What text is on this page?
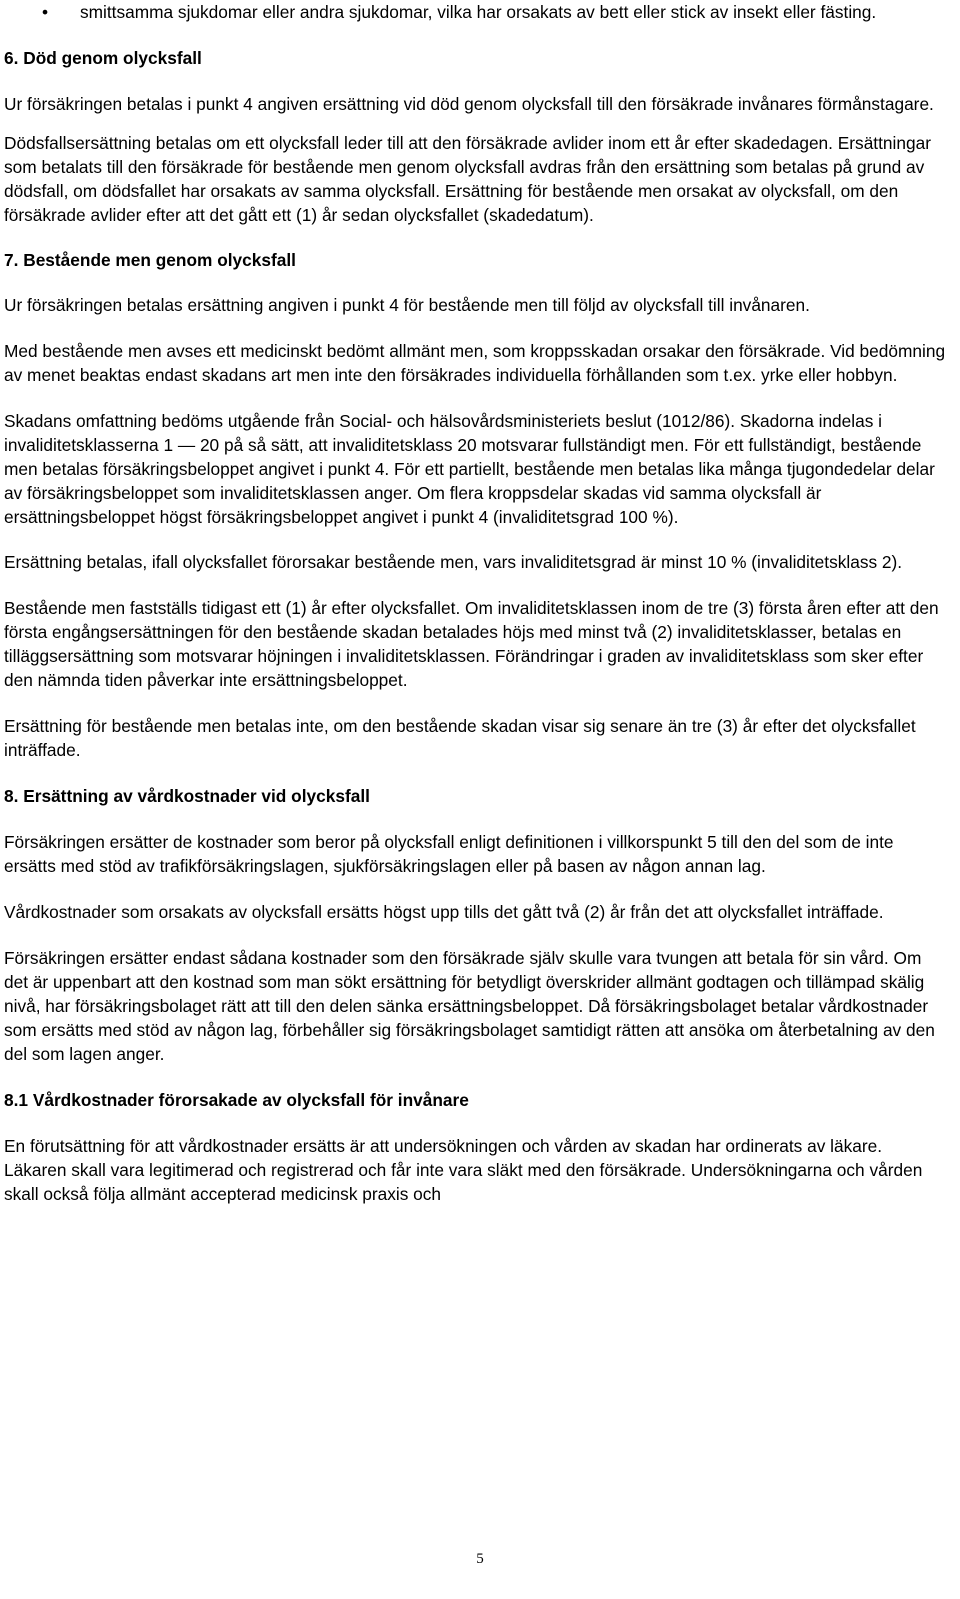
• smittsamma sjukdomar eller andra sjukdomar, vilka har orsakats av bett eller stick av insekt eller fästing.

6. Död genom olycksfall

Ur försäkringen betalas i punkt 4 angiven ersättning vid död genom olycksfall till den försäkrade invånares förmånstagare.

Dödsfallsersättning betalas om ett olycksfall leder till att den försäkrade avlider inom ett år efter skadedagen. Ersättningar som betalats till den försäkrade för bestående men genom olycksfall avdras från den ersättning som betalas på grund av dödsfall, om dödsfallet har orsakats av samma olycksfall. Ersättning för bestående men orsakat av olycksfall, om den försäkrade avlider efter att det gått ett (1) år sedan olycksfallet (skadedatum).

7. Bestående men genom olycksfall

Ur försäkringen betalas ersättning angiven i punkt 4 för bestående men till följd av olycksfall till invånaren.

Med bestående men avses ett medicinskt bedömt allmänt men, som kroppsskadan orsakar den försäkrade. Vid bedömning av menet beaktas endast skadans art men inte den försäkrades individuella förhållanden som t.ex. yrke eller hobbyn.

Skadans omfattning bedöms utgående från Social- och hälsovårdsministeriets beslut (1012/86). Skadorna indelas i invaliditetsklasserna 1 — 20 på så sätt, att invaliditetsklass 20 motsvarar fullständigt men. För ett fullständigt, bestående men betalas försäkringsbeloppet angivet i punkt 4. För ett partiellt, bestående men betalas lika många tjugondedelar delar av försäkringsbeloppet som invaliditetsklassen anger. Om flera kroppsdelar skadas vid samma olycksfall är ersättningsbeloppet högst försäkringsbeloppet angivet i punkt 4 (invaliditetsgrad 100 %).

Ersättning betalas, ifall olycksfallet förorsakar bestående men, vars invaliditetsgrad är minst 10 % (invaliditetsklass 2).

Bestående men fastställs tidigast ett (1) år efter olycksfallet. Om invaliditetsklassen inom de tre (3) första åren efter att den första engångsersättningen för den bestående skadan betalades höjs med minst två (2) invaliditetsklasser, betalas en tilläggsersättning som motsvarar höjningen i invaliditetsklassen. Förändringar i graden av invaliditetsklass som sker efter den nämnda tiden påverkar inte ersättningsbeloppet.

Ersättning för bestående men betalas inte, om den bestående skadan visar sig senare än tre (3) år efter det olycksfallet inträffade.

8. Ersättning av vårdkostnader vid olycksfall

Försäkringen ersätter de kostnader som beror på olycksfall enligt definitionen i villkorspunkt 5 till den del som de inte ersätts med stöd av trafikförsäkringslagen, sjukförsäkringslagen eller på basen av någon annan lag.

Vårdkostnader som orsakats av olycksfall ersätts högst upp tills det gått två (2) år från det att olycksfallet inträffade.

Försäkringen ersätter endast sådana kostnader som den försäkrade själv skulle vara tvungen att betala för sin vård. Om det är uppenbart att den kostnad som man sökt ersättning för betydligt överskrider allmänt godtagen och tillämpad skälig nivå, har försäkringsbolaget rätt att till den delen sänka ersättningsbeloppet. Då försäkringsbolaget betalar vårdkostnader som ersätts med stöd av någon lag, förbehåller sig försäkringsbolaget samtidigt rätten att ansöka om återbetalning av den del som lagen anger.

8.1 Vårdkostnader förorsakade av olycksfall för invånare

En förutsättning för att vårdkostnader ersätts är att undersökningen och vården av skadan har ordinerats av läkare. Läkaren skall vara legitimerad och registrerad och får inte vara släkt med den försäkrade. Undersökningarna och vården skall också följa allmänt accepterad medicinsk praxis och

5
